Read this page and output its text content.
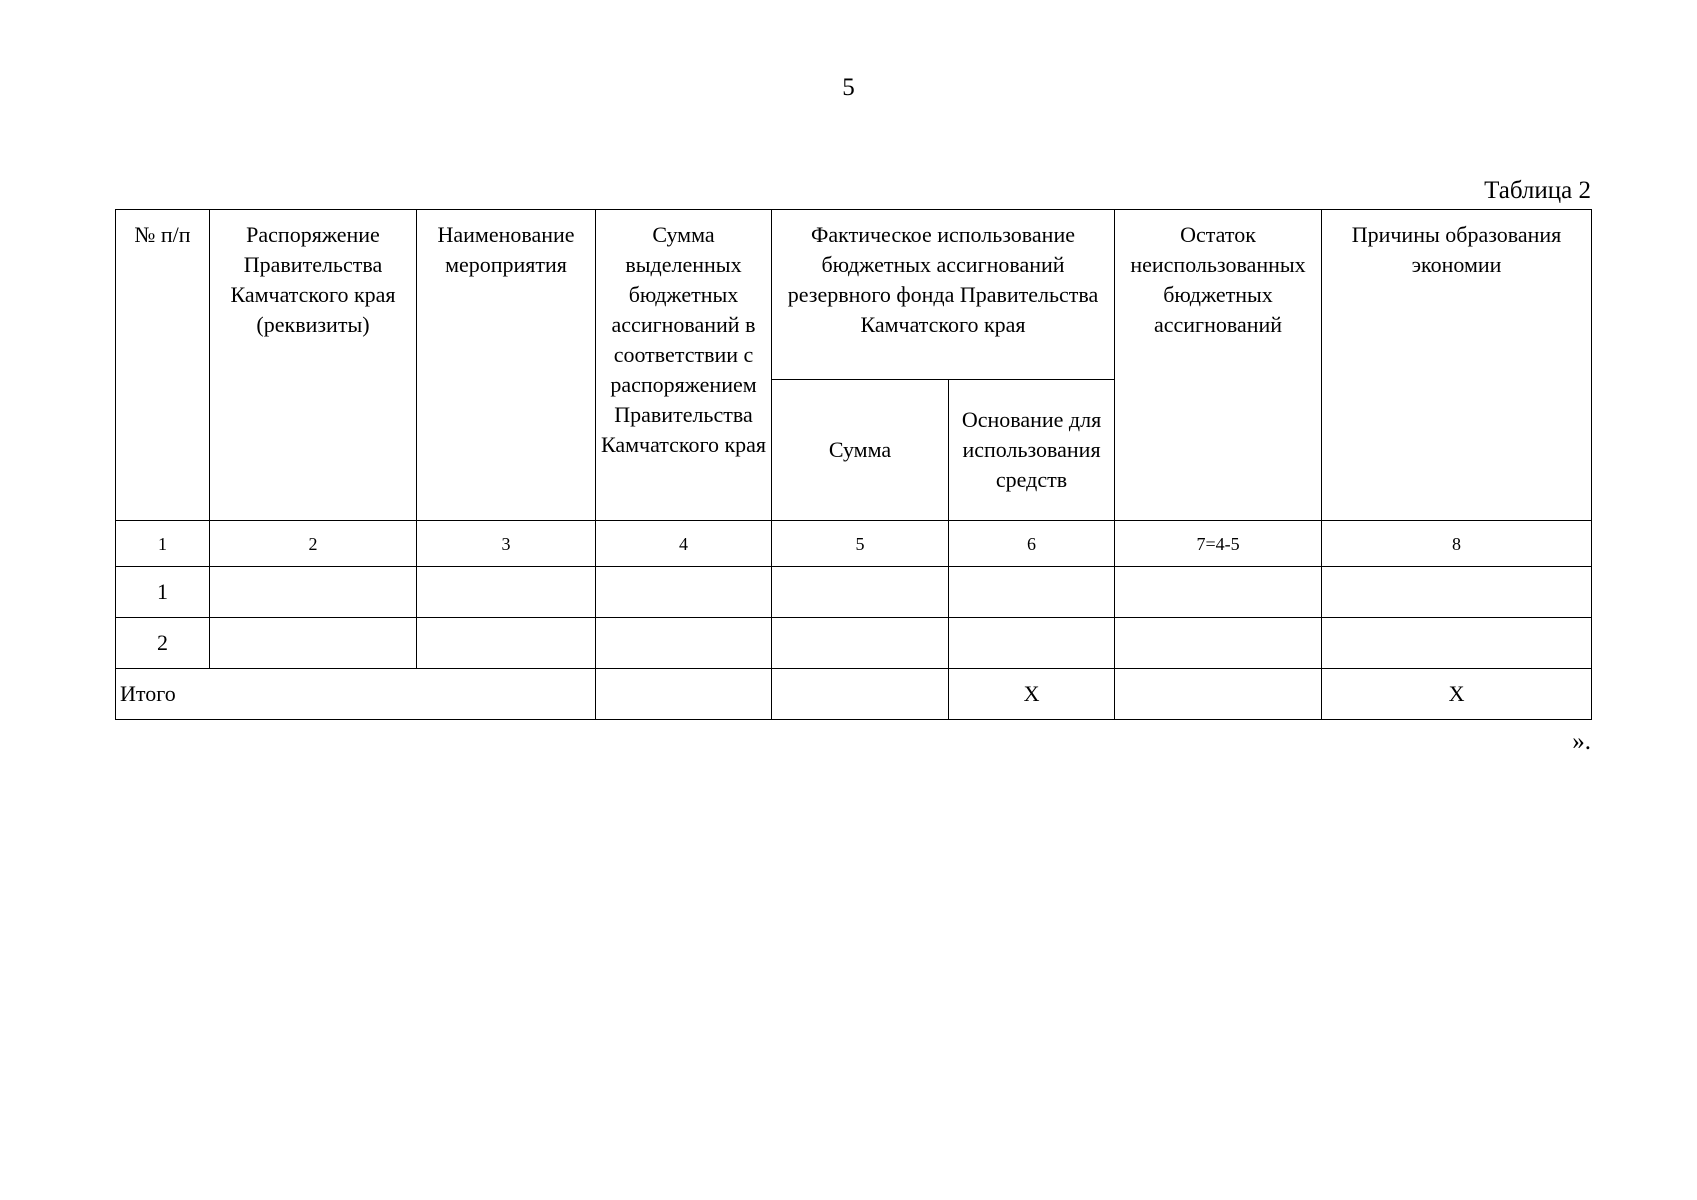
5
Таблица 2
№ п/п	Распоряжение Правительства Камчатского края (реквизиты)	Наименование мероприятия	Сумма выделенных бюджетных ассигнований в соответствии с распоряжением Правительства Камчатского края	Фактическое использование бюджетных ассигнований резервного фонда Правительства Камчатского края		Остаток неиспользованных бюджетных ассигнований	Причины образования экономии
				Сумма	Основание для использования средств		
1	2	3	4	5	6	7=4-5	8
1							
2							
Итого					Х		Х
».
